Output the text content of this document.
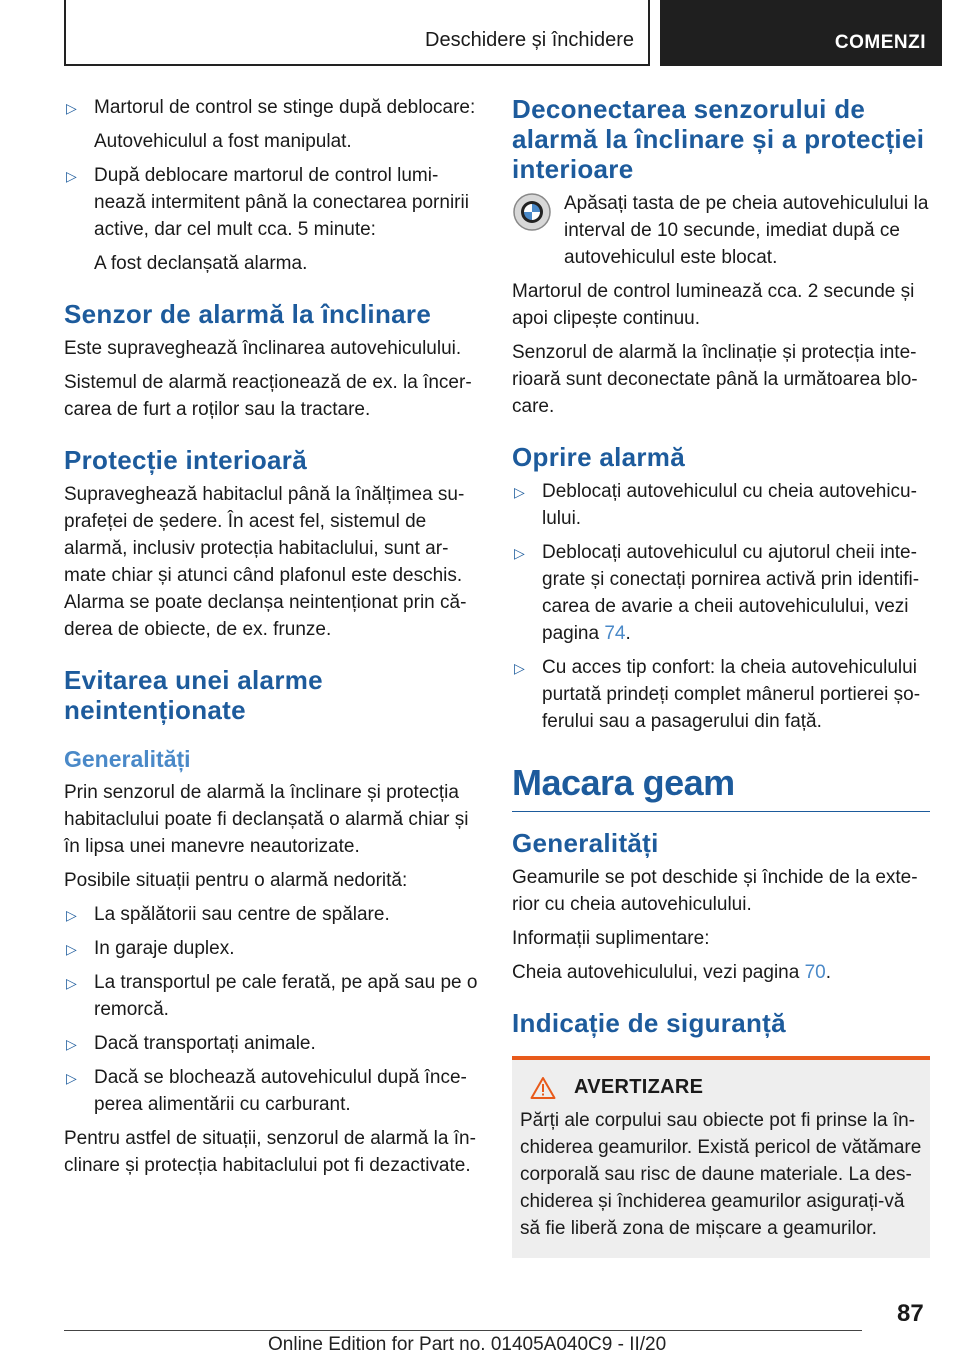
Deschidere și închidere	COMENZI
▷ Martorul de control se stinge după deblocare:
Autovehiculul a fost manipulat.
▷ După deblocare martorul de control luminează intermitent până la conectarea pornirii active, dar cel mult cca. 5 minute:
A fost declanșată alarma.
Senzor de alarmă la înclinare

Este supraveghează înclinarea autovehiculului.

Sistemul de alarmă reacționează de ex. la încercarea de furt a roților sau la tractare.

Protecție interioară

Supraveghează habitaclul până la înălțimea suprafeței de ședere. În acest fel, sistemul de alarmă, inclusiv protecția habitaclului, sunt armate chiar și atunci când plafonul este deschis. Alarma se poate declanșa neintenționat prin căderea de obiecte, de ex. frunze.

Evitarea unei alarme neintenționate
Generalități

Prin senzorul de alarmă la înclinare și protecția habitaclului poate fi declanșată o alarmă chiar și în lipsa unei manevre neautorizate.

Posibile situații pentru o alarmă nedorită:

▷ La spălătorii sau centre de spălare.
▷ In garaje duplex.
▷ La transportul pe cale ferată, pe apă sau pe o remorcă.
▷ Dacă transportați animale.
▷ Dacă se blochează autovehiculul după începerea alimentării cu carburant.

Pentru astfel de situații, senzorul de alarmă la înclinare și protecția habitaclului pot fi dezactivate.

Deconectarea senzorului de alarmă la înclinare și a protecției interioare

Apăsați tasta de pe cheia autovehiculului la interval de 10 secunde, imediat după ce autovehiculul este blocat.

Martorul de control luminează cca. 2 secunde și apoi clipește continuu.

Senzorul de alarmă la înclinație și protecția interioară sunt deconectate până la următoarea blocare.

Oprire alarmă
▷ Deblocați autovehiculul cu cheia autovehiculului.
▷ Deblocați autovehiculul cu ajutorul cheii integrate și conectați pornirea activă prin identificarea de avarie a cheii autovehiculului, vezi pagina 74.
▷ Cu acces tip confort: la cheia autovehiculului purtată prindeți complet mânerul portierei șoferului sau a pasagerului din față.
Macara geam
Generalități

Geamurile se pot deschide și închide de la exterior cu cheia autovehiculului.

Informații suplimentare:

Cheia autovehiculului, vezi pagina 70.

Indicație de siguranță
AVERTIZARE

Părți ale corpului sau obiecte pot fi prinse la închiderea geamurilor. Există pericol de vătămare corporală sau risc de daune materiale. La deschiderea și închiderea geamurilor asigurați-vă să fie liberă zona de mișcare a geamurilor.

87
Online Edition for Part no. 01405A040C9 - II/20
